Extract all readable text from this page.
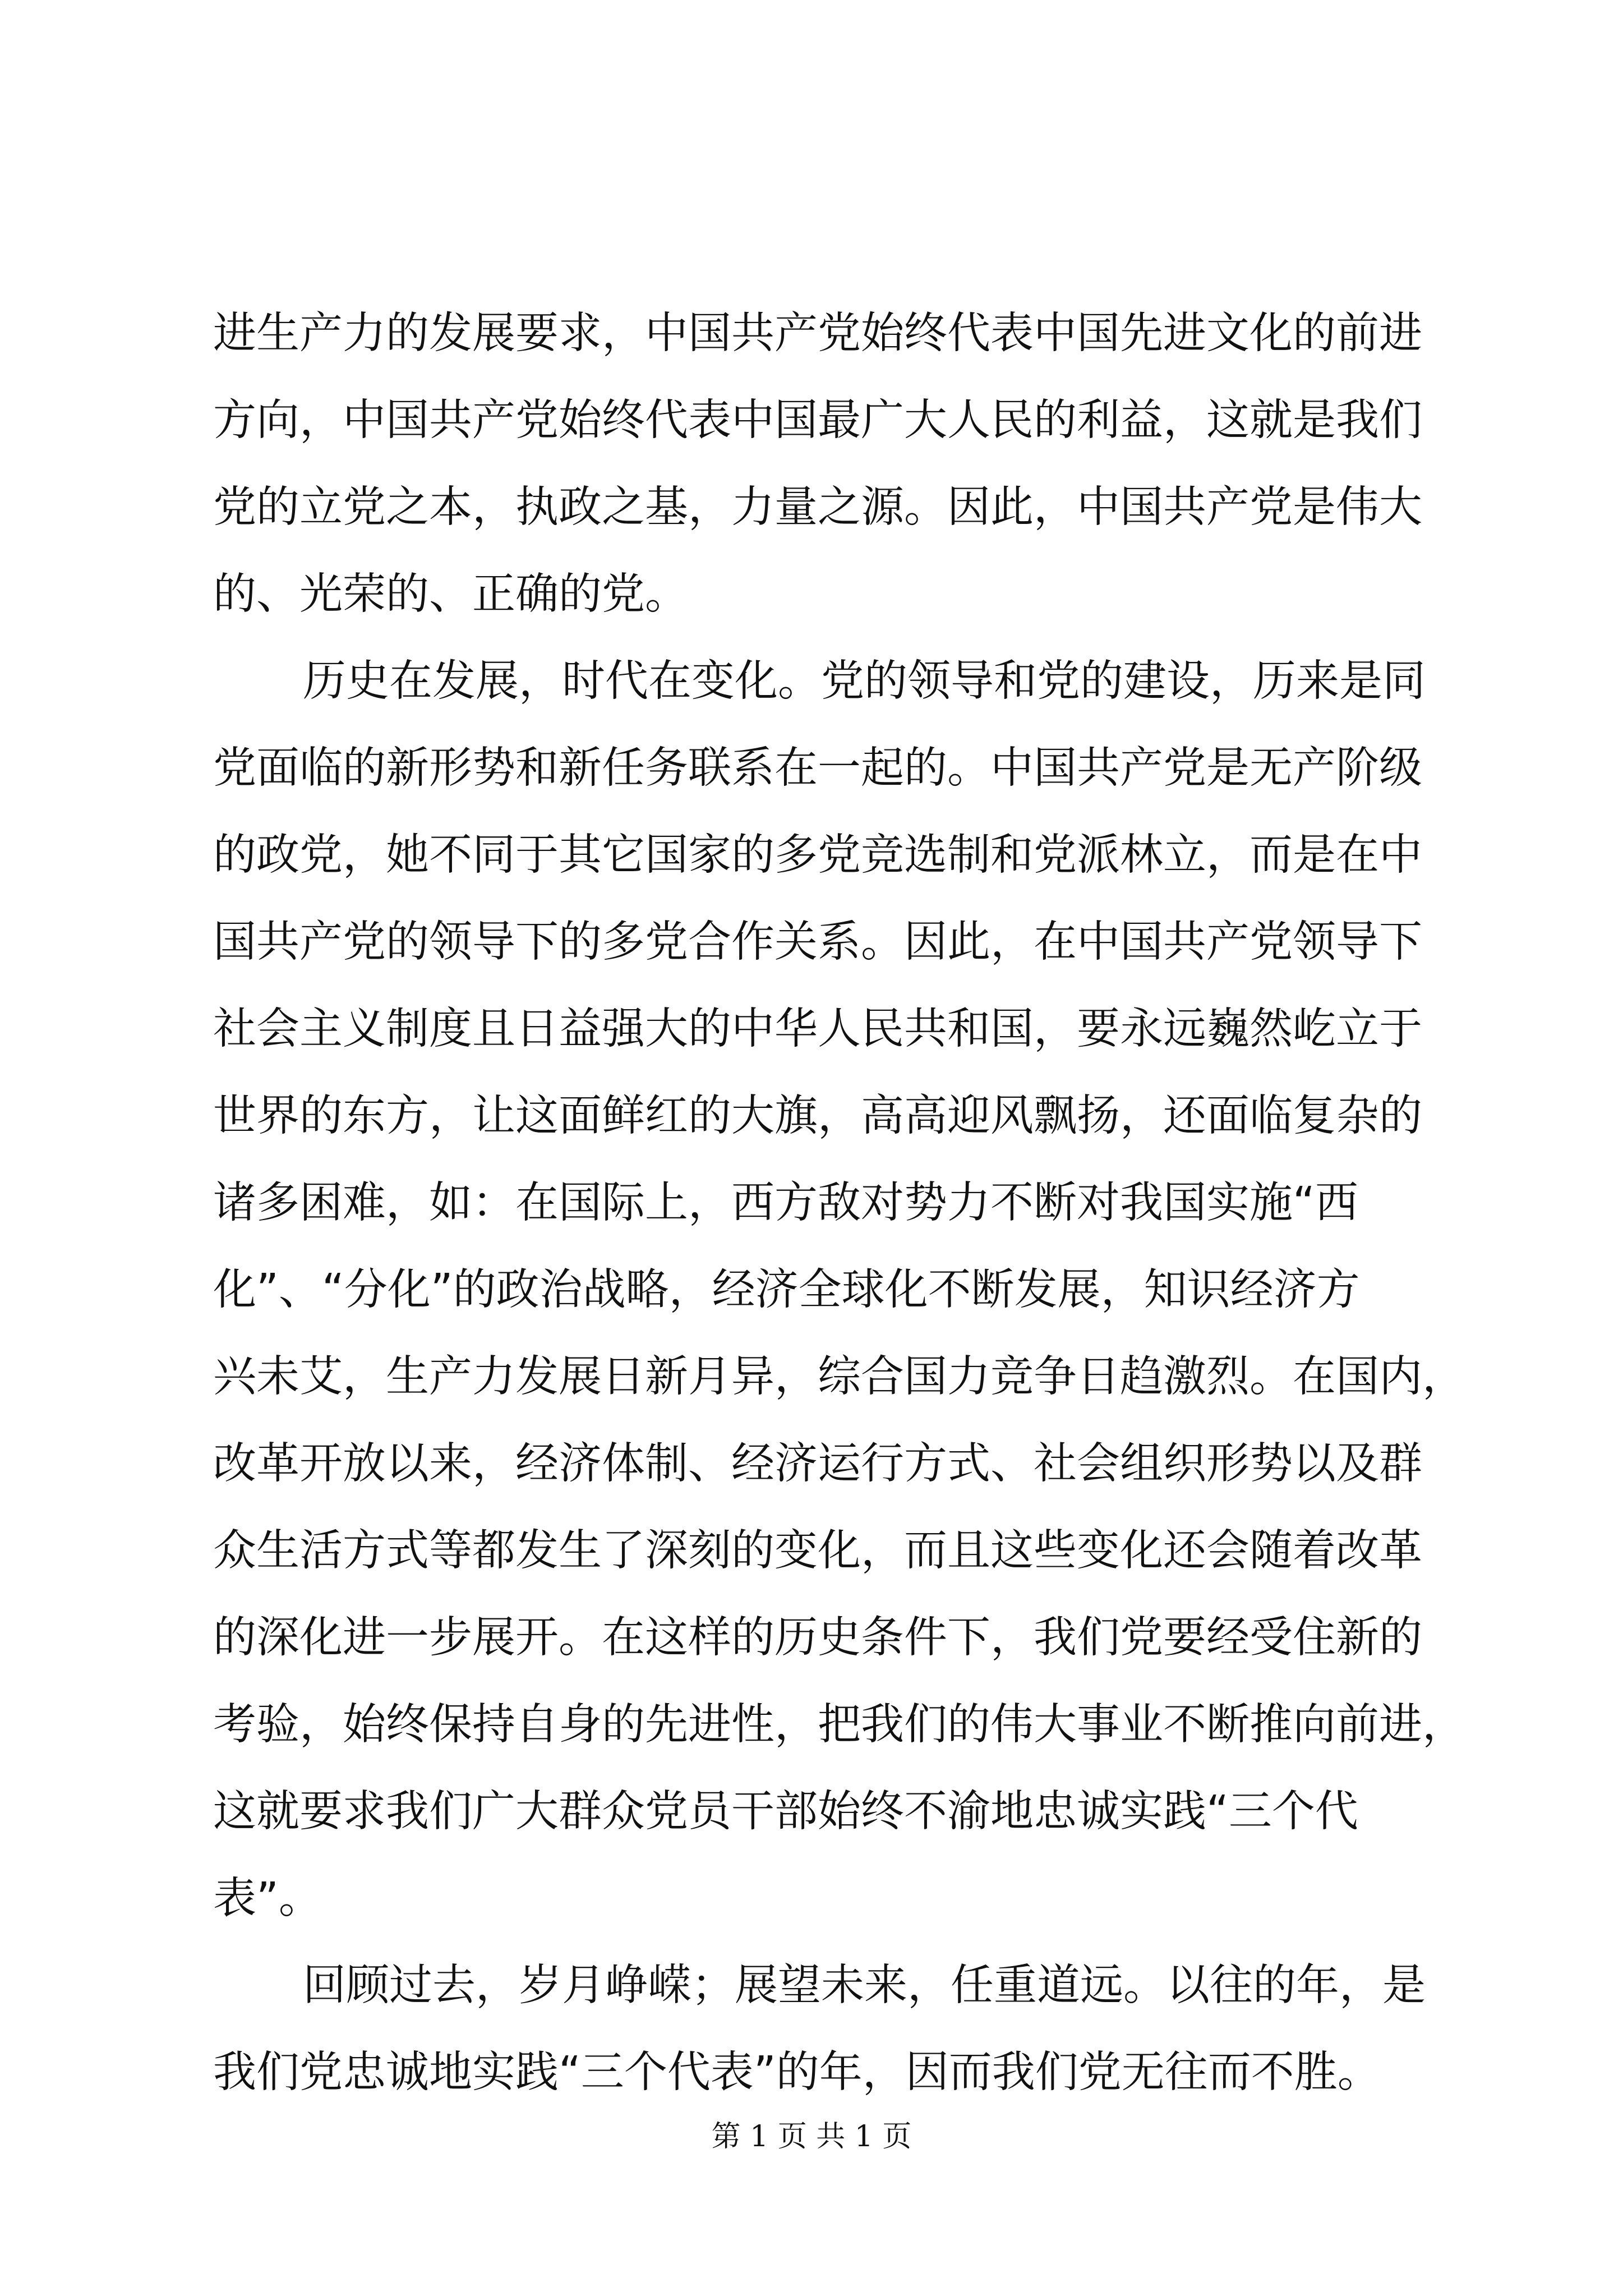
进生产力的发展要求，中国共产党始终代表中国先进文化的前进
方向，中国共产党始终代表中国最广大人民的利益，这就是我们
党的立党之本，执政之基，力量之源。因此，中国共产党是伟大
的、光荣的、正确的党。
历史在发展，时代在变化。党的领导和党的建设，历来是同
党面临的新形势和新任务联系在一起的。中国共产党是无产阶级
的政党，她不同于其它国家的多党竞选制和党派林立，而是在中
国共产党的领导下的多党合作关系。因此，在中国共产党领导下
社会主义制度且日益强大的中华人民共和国，要永远巍然屹立于
世界的东方，让这面鲜红的大旗，高高迎风飘扬，还面临复杂的
诸多困难，如：在国际上，西方敌对势力不断对我国实施“西
化”、“分化”的政治战略，经济全球化不断发展，知识经济方
兴未艾，生产力发展日新月异，综合国力竞争日趋激烈。在国内，
改革开放以来，经济体制、经济运行方式、社会组织形势以及群
众生活方式等都发生了深刻的变化，而且这些变化还会随着改革
的深化进一步展开。在这样的历史条件下，我们党要经受住新的
考验，始终保持自身的先进性，把我们的伟大事业不断推向前进，
这就要求我们广大群众党员干部始终不渝地忠诚实践“三个代
表”。
回顾过去，岁月峥嵘；展望未来，任重道远。以往的年，是
我们党忠诚地实践“三个代表”的年，因而我们党无往而不胜。
第 1 页 共 1 页
